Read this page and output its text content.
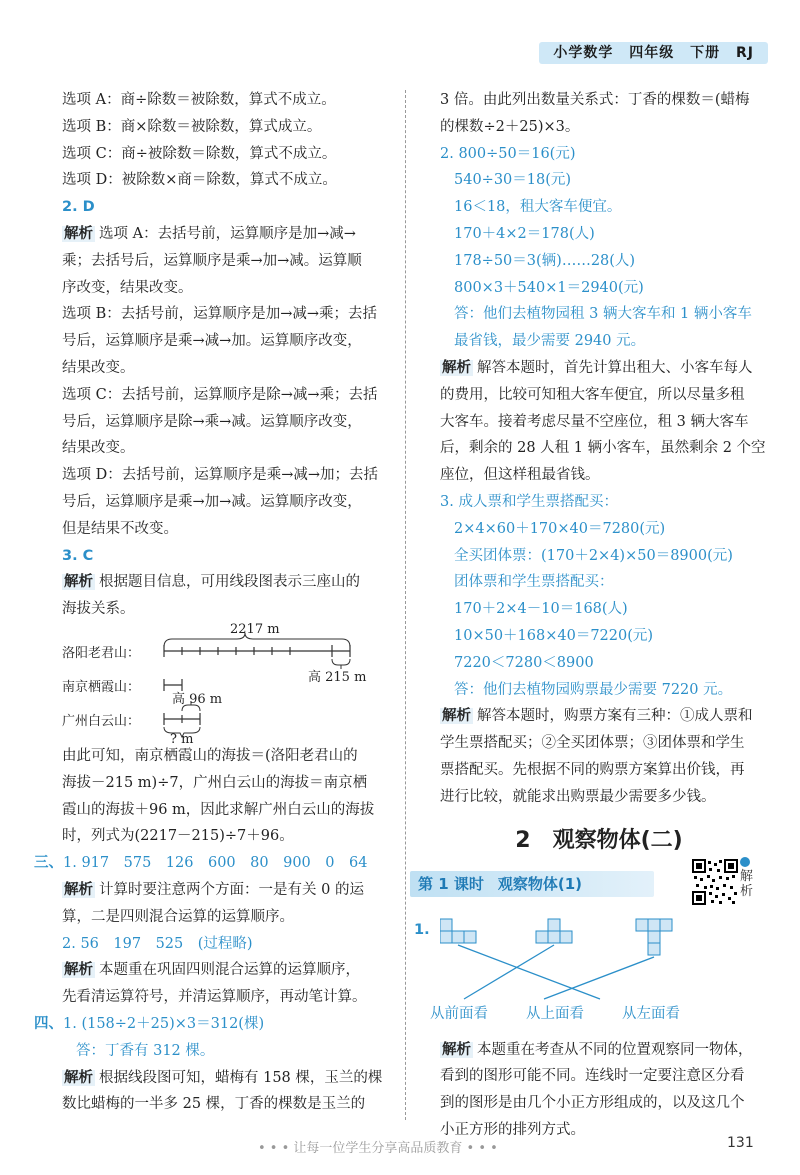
小学数学 四年级 下册 RJ
选项 A：商÷除数＝被除数，算式不成立。
选项 B：商×除数＝被除数，算式成立。
选项 C：商÷被除数＝除数，算式不成立。
选项 D：被除数×商＝除数，算式不成立。
2. D
解析 选项 A：去括号前，运算顺序是加→减→
乘；去括号后，运算顺序是乘→加→减。运算顺
序改变，结果改变。
选项 B：去括号前，运算顺序是加→减→乘；去括
号后，运算顺序是乘→减→加。运算顺序改变，
结果改变。
选项 C：去括号前，运算顺序是除→减→乘；去括
号后，运算顺序是除→乘→减。运算顺序改变，
结果改变。
选项 D：去括号前，运算顺序是乘→减→加；去括
号后，运算顺序是乘→加→减。运算顺序改变，
但是结果不改变。
3. C
解析 根据题目信息，可用线段图表示三座山的
海拔关系。
洛阳老君山：
南京栖霞山：
广州白云山：
2217 m
高 215 m
高 96 m
? m
由此可知，南京栖霞山的海拔＝(洛阳老君山的
海拔－215 m)÷7，广州白云山的海拔＝南京栖
霞山的海拔＋96 m，因此求解广州白云山的海拔
时，列式为(2217－215)÷7＋96。
三、1. 917　575　126　600　80　900　0　64
解析 计算时要注意两个方面：一是有关 0 的运
算，二是四则混合运算的运算顺序。
2. 56　197　525　(过程略)
解析 本题重在巩固四则混合运算的运算顺序，
先看清运算符号，并清运算顺序，再动笔计算。
四、1. (158÷2＋25)×3＝312(棵)
答：丁香有 312 棵。
解析 根据线段图可知，蜡梅有 158 棵，玉兰的棵
数比蜡梅的一半多 25 棵，丁香的棵数是玉兰的
3 倍。由此列出数量关系式：丁香的棵数＝(蜡梅
的棵数÷2＋25)×3。
2. 800÷50＝16(元)
540÷30＝18(元)
16＜18，租大客车便宜。
170＋4×2＝178(人)
178÷50＝3(辆)……28(人)
800×3＋540×1＝2940(元)
答：他们去植物园租 3 辆大客车和 1 辆小客车
最省钱，最少需要 2940 元。
解析 解答本题时，首先计算出租大、小客车每人
的费用，比较可知租大客车便宜，所以尽量多租
大客车。接着考虑尽量不空座位，租 3 辆大客车
后，剩余的 28 人租 1 辆小客车，虽然剩余 2 个空
座位，但这样租最省钱。
3. 成人票和学生票搭配买：
2×4×60＋170×40＝7280(元)
全买团体票：(170＋2×4)×50＝8900(元)
团体票和学生票搭配买：
170＋2×4－10＝168(人)
10×50＋168×40＝7220(元)
7220＜7280＜8900
答：他们去植物园购票最少需要 7220 元。
解析 解答本题时，购票方案有三种：①成人票和
学生票搭配买；②全买团体票；③团体票和学生
票搭配买。先根据不同的购票方案算出价钱，再
进行比较，就能求出购票最少需要多少钱。
2　观察物体(二)
第 1 课时 观察物体(1)	解析
1.
从前面看	从上面看	从左面看
解析 本题重在考查从不同的位置观察同一物体，
看到的图形可能不同。连线时一定要注意区分看
到的图形是由几个小正方形组成的，以及这几个
小正方形的排列方式。
• • • 让每一位学生分享高品质教育 • • •	131
